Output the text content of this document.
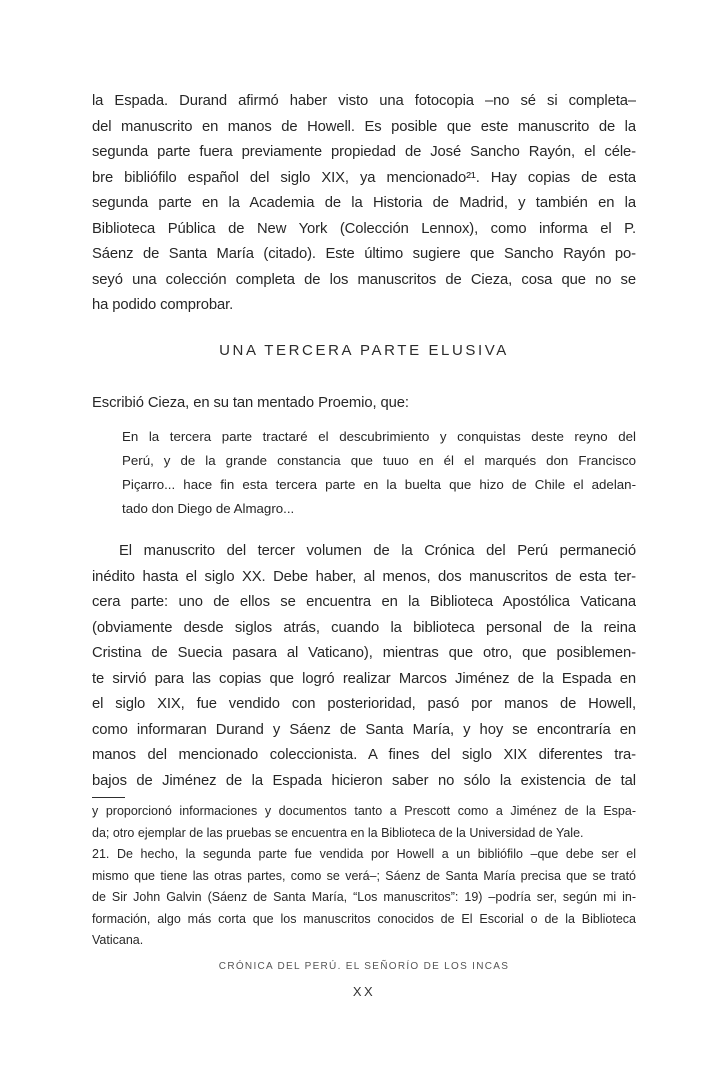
la Espada. Durand afirmó haber visto una fotocopia –no sé si completa–
del manuscrito en manos de Howell. Es posible que este manuscrito de la
segunda parte fuera previamente propiedad de José Sancho Rayón, el céle-
bre bibliófilo español del siglo XIX, ya mencionado²¹. Hay copias de esta
segunda parte en la Academia de la Historia de Madrid, y también en la
Biblioteca Pública de New York (Colección Lennox), como informa el P.
Sáenz de Santa María (citado). Este último sugiere que Sancho Rayón po-
seyó una colección completa de los manuscritos de Cieza, cosa que no se
ha podido comprobar.
UNA TERCERA PARTE ELUSIVA
Escribió Cieza, en su tan mentado Proemio, que:
En la tercera parte tractaré el descubrimiento y conquistas deste reyno del
Perú, y de la grande constancia que tuuo en él el marqués don Francisco
Piçarro... hace fin esta tercera parte en la buelta que hizo de Chile el adelan-
tado don Diego de Almagro...
El manuscrito del tercer volumen de la Crónica del Perú permaneció
inédito hasta el siglo XX. Debe haber, al menos, dos manuscritos de esta ter-
cera parte: uno de ellos se encuentra en la Biblioteca Apostólica Vaticana
(obviamente desde siglos atrás, cuando la biblioteca personal de la reina
Cristina de Suecia pasara al Vaticano), mientras que otro, que posiblemen-
te sirvió para las copias que logró realizar Marcos Jiménez de la Espada en
el siglo XIX, fue vendido con posterioridad, pasó por manos de Howell,
como informaran Durand y Sáenz de Santa María, y hoy se encontraría en
manos del mencionado coleccionista. A fines del siglo XIX diferentes tra-
bajos de Jiménez de la Espada hicieron saber no sólo la existencia de tal
y proporcionó informaciones y documentos tanto a Prescott como a Jiménez de la Espa-
da; otro ejemplar de las pruebas se encuentra en la Biblioteca de la Universidad de Yale.
21. De hecho, la segunda parte fue vendida por Howell a un bibliófilo –que debe ser el
mismo que tiene las otras partes, como se verá–; Sáenz de Santa María precisa que se trató
de Sir John Galvin (Sáenz de Santa María, “Los manuscritos”: 19) –podría ser, según mi in-
formación, algo más corta que los manuscritos conocidos de El Escorial o de la Biblioteca
Vaticana.
CRÓNICA DEL PERÚ. EL SEÑORÍO DE LOS INCAS
XX
